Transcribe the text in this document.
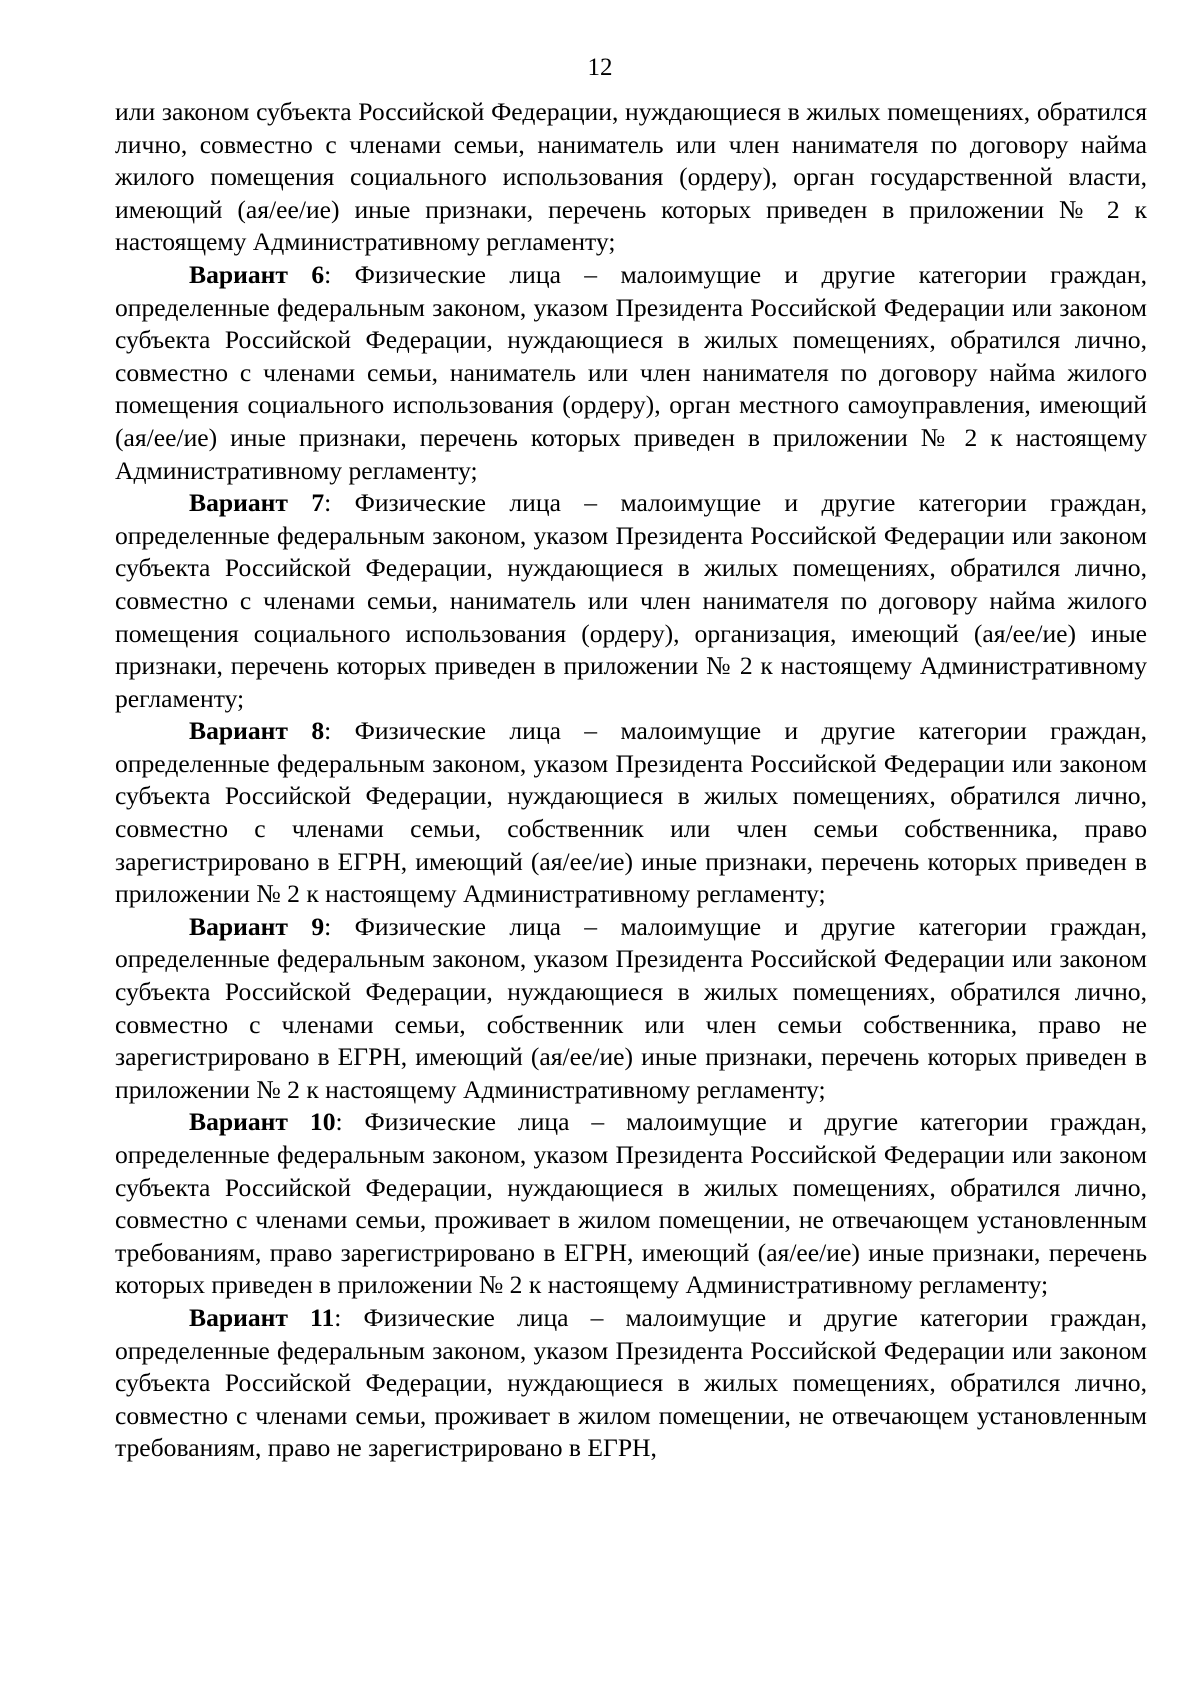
12

или законом субъекта Российской Федерации, нуждающиеся в жилых помещениях, обратился лично, совместно с членами семьи, наниматель или член нанимателя по договору найма жилого помещения социального использования (ордеру), орган государственной власти, имеющий (ая/ее/ие) иные признаки, перечень которых приведен в приложении № 2 к настоящему Административному регламенту;

Вариант 6: Физические лица – малоимущие и другие категории граждан, определенные федеральным законом, указом Президента Российской Федерации или законом субъекта Российской Федерации, нуждающиеся в жилых помещениях, обратился лично, совместно с членами семьи, наниматель или член нанимателя по договору найма жилого помещения социального использования (ордеру), орган местного самоуправления, имеющий (ая/ее/ие) иные признаки, перечень которых приведен в приложении № 2 к настоящему Административному регламенту;

Вариант 7: Физические лица – малоимущие и другие категории граждан, определенные федеральным законом, указом Президента Российской Федерации или законом субъекта Российской Федерации, нуждающиеся в жилых помещениях, обратился лично, совместно с членами семьи, наниматель или член нанимателя по договору найма жилого помещения социального использования (ордеру), организация, имеющий (ая/ее/ие) иные признаки, перечень которых приведен в приложении № 2 к настоящему Административному регламенту;

Вариант 8: Физические лица – малоимущие и другие категории граждан, определенные федеральным законом, указом Президента Российской Федерации или законом субъекта Российской Федерации, нуждающиеся в жилых помещениях, обратился лично, совместно с членами семьи, собственник или член семьи собственника, право зарегистрировано в ЕГРН, имеющий (ая/ее/ие) иные признаки, перечень которых приведен в приложении № 2 к настоящему Административному регламенту;

Вариант 9: Физические лица – малоимущие и другие категории граждан, определенные федеральным законом, указом Президента Российской Федерации или законом субъекта Российской Федерации, нуждающиеся в жилых помещениях, обратился лично, совместно с членами семьи, собственник или член семьи собственника, право не зарегистрировано в ЕГРН, имеющий (ая/ее/ие) иные признаки, перечень которых приведен в приложении № 2 к настоящему Административному регламенту;

Вариант 10: Физические лица – малоимущие и другие категории граждан, определенные федеральным законом, указом Президента Российской Федерации или законом субъекта Российской Федерации, нуждающиеся в жилых помещениях, обратился лично, совместно с членами семьи, проживает в жилом помещении, не отвечающем установленным требованиям, право зарегистрировано в ЕГРН, имеющий (ая/ее/ие) иные признаки, перечень которых приведен в приложении № 2 к настоящему Административному регламенту;

Вариант 11: Физические лица – малоимущие и другие категории граждан, определенные федеральным законом, указом Президента Российской Федерации или законом субъекта Российской Федерации, нуждающиеся в жилых помещениях, обратился лично, совместно с членами семьи, проживает в жилом помещении, не отвечающем установленным требованиям, право не зарегистрировано в ЕГРН,
